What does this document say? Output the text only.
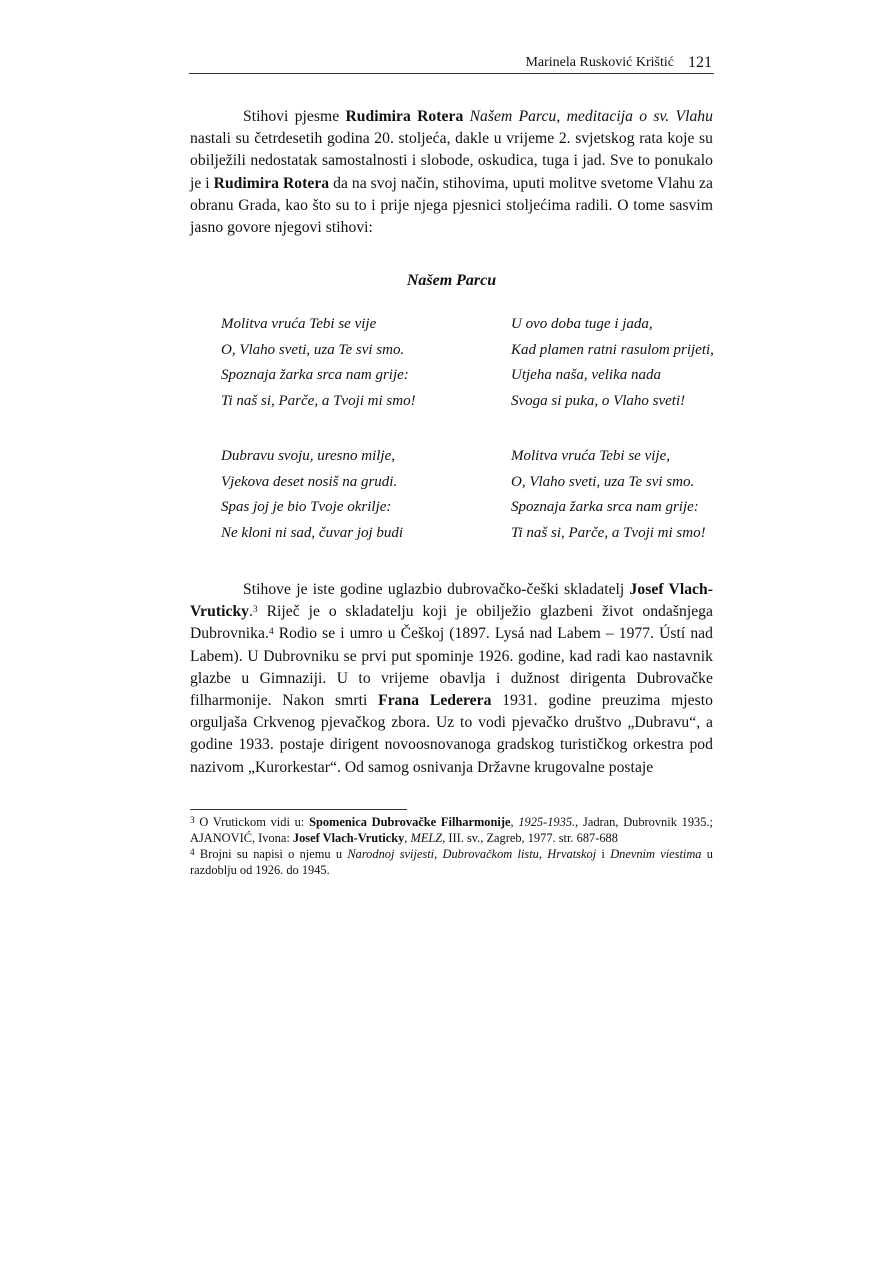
Marinela Rusković Krištić 121

Stihovi pjesme Rudimira Rotera Našem Parcu, meditacija o sv. Vlahu nastali su četrdesetih godina 20. stoljeća, dakle u vrijeme 2. svjetskog rata koje su obilježili nedostatak samostalnosti i slobode, oskudica, tuga i jad. Sve to ponukalo je i Rudimira Rotera da na svoj način, stihovima, uputi molitve svetome Vlahu za obranu Grada, kao što su to i prije njega pjesnici stoljećima radili. O tome sasvim jasno govore njegovi stihovi:

Našem Parcu
Molitva vruća Tebi se vije
O, Vlaho sveti, uza Te svi smo.
Spoznaja žarka srca nam grije:
Ti naš si, Parče, a Tvoji mi smo!
U ovo doba tuge i jada,
Kad plamen ratni rasulom prijeti,
Utjeha naša, velika nada
Svoga si puka, o Vlaho sveti!
Dubravu svoju, uresno milje,
Vjekova deset nosiš na grudi.
Spas joj je bio Tvoje okrilje:
Ne kloni ni sad, čuvar joj budi
Molitva vruća Tebi se vije,
O, Vlaho sveti, uza Te svi smo.
Spoznaja žarka srca nam grije:
Ti naš si, Parče, a Tvoji mi smo!

Stihove je iste godine uglazbio dubrovačko-češki skladatelj Josef Vlach-Vruticky.$^3$ Riječ je o skladatelju koji je obilježio glazbeni život ondašnjega Dubrovnika.$^4$ Rodio se i umro u Češkoj (1897. Lysá nad Labem – 1977. Ústí nad Labem). U Dubrovniku se prvi put spominje 1926. godine, kad radi kao nastavnik glazbe u Gimnaziji. U to vrijeme obavlja i dužnost dirigenta Dubrovačke filharmonije. Nakon smrti Frana Lederera 1931. godine preuzima mjesto orguljaša Crkvenog pjevačkog zbora. Uz to vodi pjevačko društvo „Dubravu“, a godine 1933. postaje dirigent novoosnovanoga gradskog turističkog orkestra pod nazivom „Kurorkestar“. Od samog osnivanja Državne krugovalne postaje

$^3$ O Vrutickom vidi u: Spomenica Dubrovačke Filharmonije, 1925-1935., Jadran, Dubrovnik 1935.; AJANOVIĆ, Ivona: Josef Vlach-Vruticky, MELZ, III. sv., Zagreb, 1977. str. 687-688

$^4$ Brojni su napisi o njemu u Narodnoj svijesti, Dubrovačkom listu, Hrvatskoj i Dnevnim viestima u razdoblju od 1926. do 1945.
